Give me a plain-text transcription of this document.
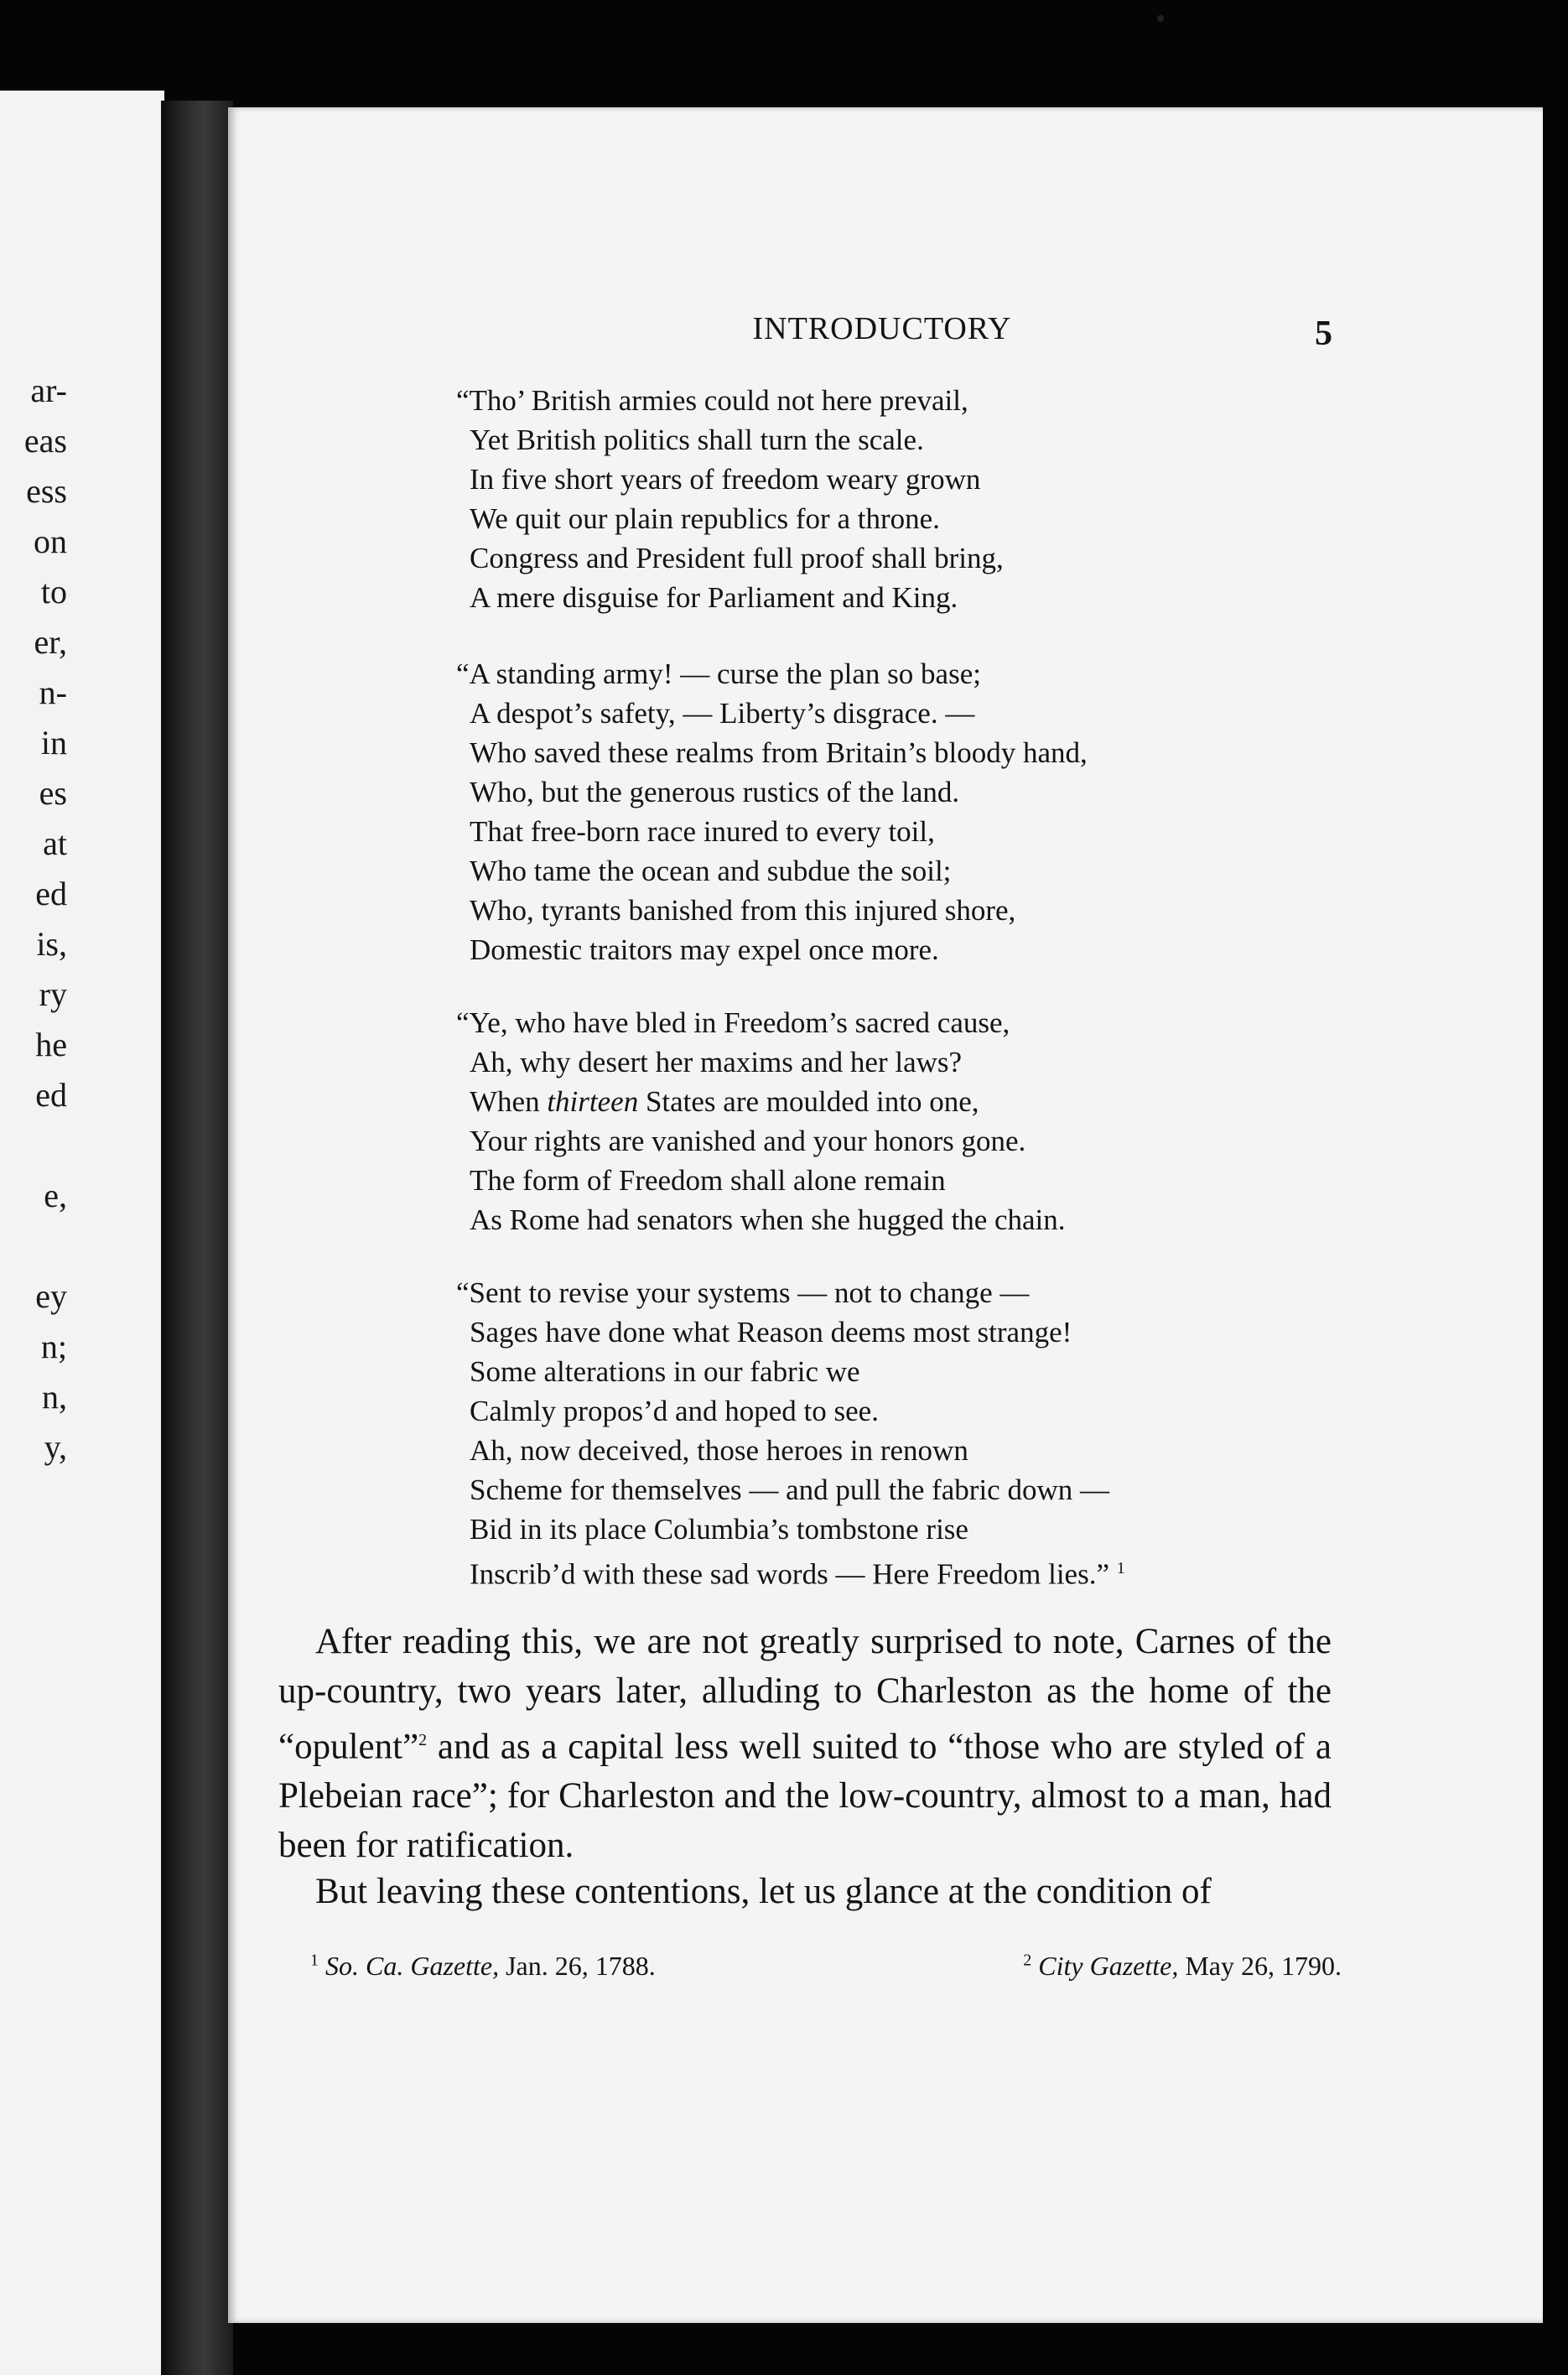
ar-
eas
ess
on
to
er,
n-
in
es
at
ed
is,
ry
he
ed
e,
ey
n;
n,
y,
INTRODUCTORY	5
“Tho’ British armies could not here prevail,
Yet British politics shall turn the scale.
In five short years of freedom weary grown
We quit our plain republics for a throne.
Congress and President full proof shall bring,
A mere disguise for Parliament and King.
“A standing army! — curse the plan so base;
A despot’s safety, — Liberty’s disgrace. —
Who saved these realms from Britain’s bloody hand,
Who, but the generous rustics of the land.
That free-born race inured to every toil,
Who tame the ocean and subdue the soil;
Who, tyrants banished from this injured shore,
Domestic traitors may expel once more.
“Ye, who have bled in Freedom’s sacred cause,
Ah, why desert her maxims and her laws?
When thirteen States are moulded into one,
Your rights are vanished and your honors gone.
The form of Freedom shall alone remain
As Rome had senators when she hugged the chain.
“Sent to revise your systems — not to change —
Sages have done what Reason deems most strange!
Some alterations in our fabric we
Calmly propos’d and hoped to see.
Ah, now deceived, those heroes in renown
Scheme for themselves — and pull the fabric down —
Bid in its place Columbia’s tombstone rise
Inscrib’d with these sad words — Here Freedom lies.” $^1$
After reading this, we are not greatly surprised to note, Carnes of the up-country, two years later, alluding to Charleston as the home of the “opulent”$^2$ and as a capital less well suited to “those who are styled of a Plebeian race”; for Charleston and the low-country, almost to a man, had been for ratification.
But leaving these contentions, let us glance at the condition of
$^1$ So. Ca. Gazette, Jan. 26, 1788.	$^2$ City Gazette, May 26, 1790.
